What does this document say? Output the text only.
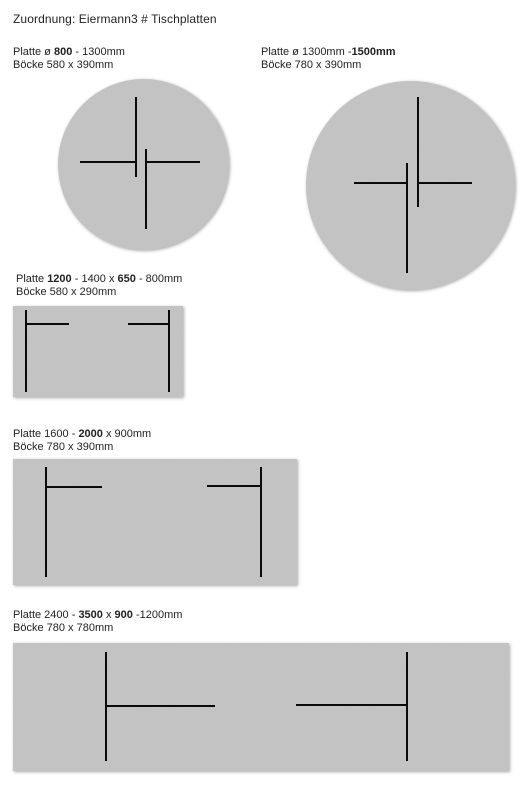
Zuordnung: Eiermann3 # Tischplatten
Platte ø 800 - 1300mm
Böcke 580 x 390mm
Platte ø 1300mm -1500mm
Böcke 780 x 390mm
Platte 1200 - 1400 x 650 - 800mm
Böcke 580 x 290mm
Platte 1600 - 2000 x 900mm
Böcke 780 x 390mm
Platte 2400 - 3500 x 900 -1200mm
Böcke 780 x 780mm
